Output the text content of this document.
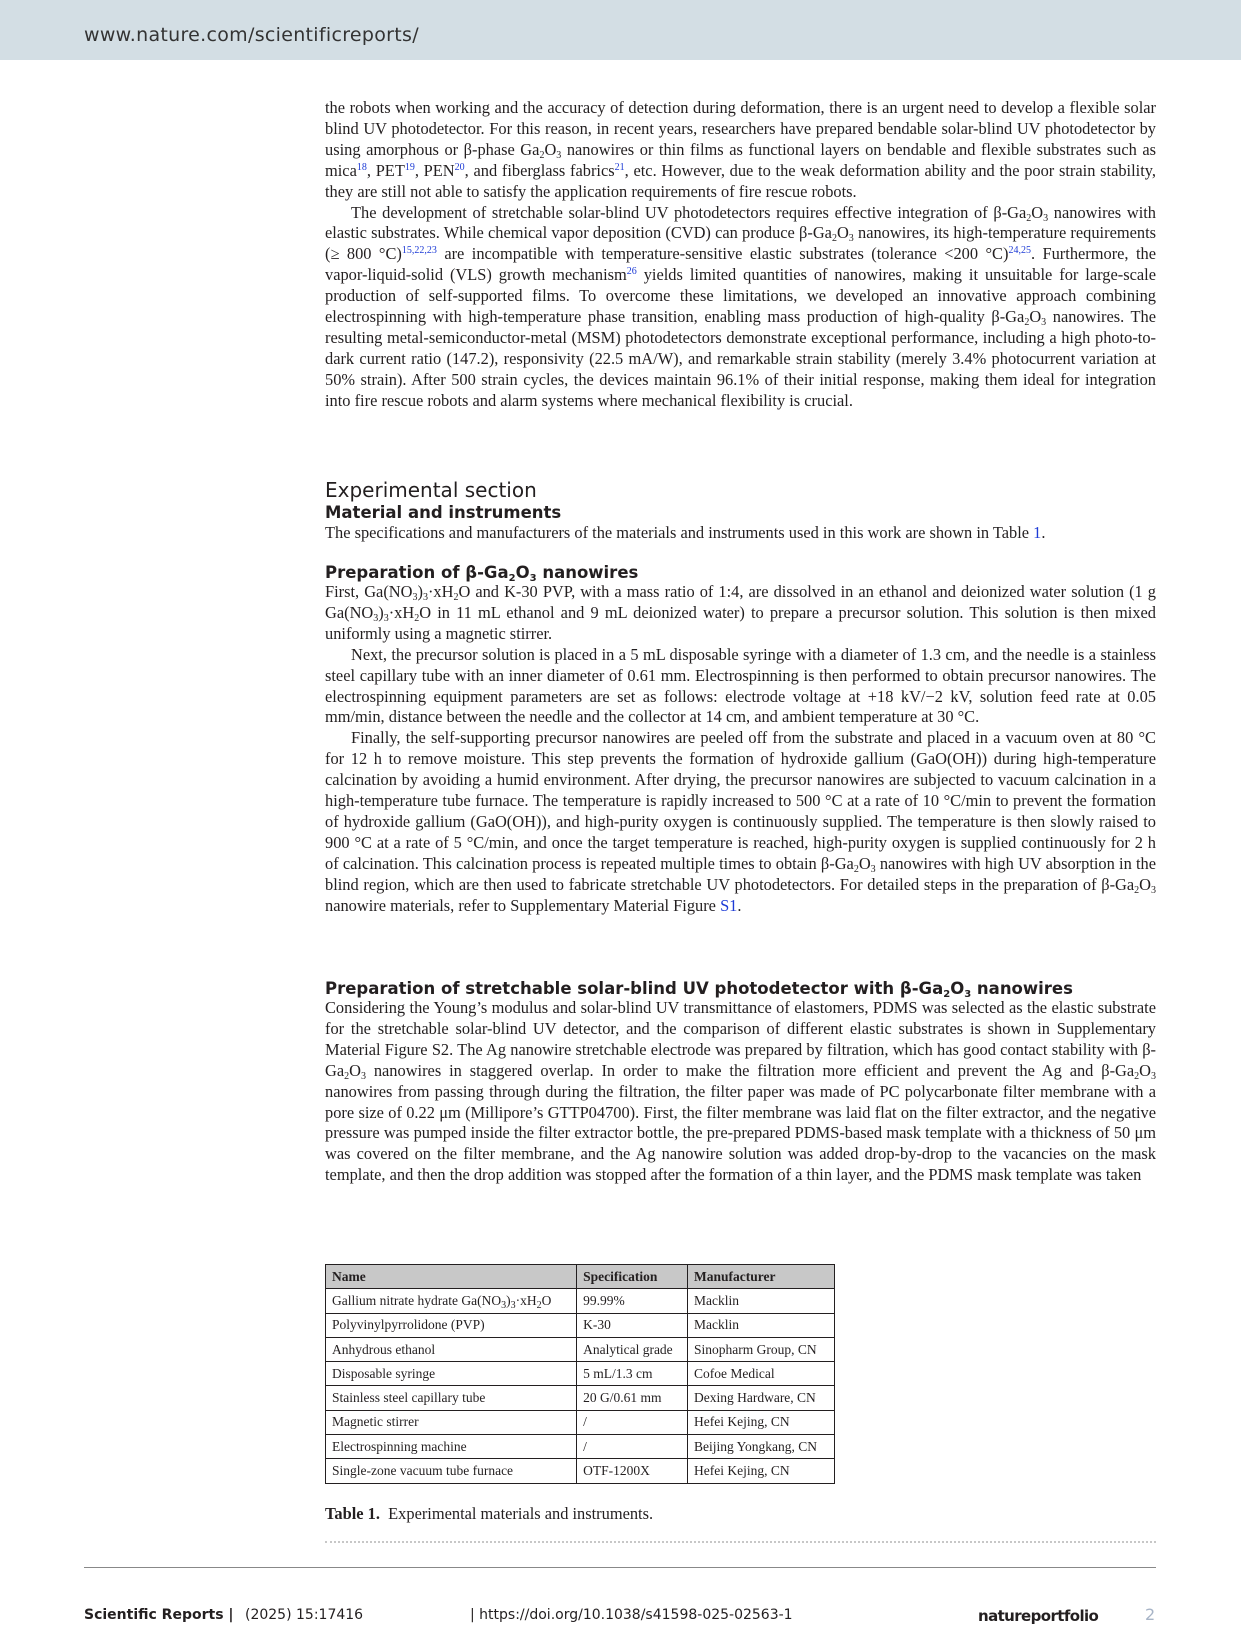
www.nature.com/scientificreports/

the robots when working and the accuracy of detection during deformation, there is an urgent need to develop a flexible solar blind UV photodetector. For this reason, in recent years, researchers have prepared bendable solar-blind UV photodetector by using amorphous or β-phase $Ga_2O_3$ nanowires or thin films as functional layers on bendable and flexible substrates such as mica$^{18}$, PET$^{19}$, PEN$^{20}$, and fiberglass fabrics$^{21}$, etc. However, due to the weak deformation ability and the poor strain stability, they are still not able to satisfy the application requirements of fire rescue robots.

The development of stretchable solar-blind UV photodetectors requires effective integration of $\beta-Ga_2O_3$ nanowires with elastic substrates. While chemical vapor deposition (CVD) can produce $\beta-Ga_2O_3$ nanowires, its high-temperature requirements (≥ 800 °C)$^{15,22,23}$ are incompatible with temperature-sensitive elastic substrates (tolerance <200 °C)$^{24,25}$. Furthermore, the vapor-liquid-solid (VLS) growth mechanism$^{26}$ yields limited quantities of nanowires, making it unsuitable for large-scale production of self-supported films. To overcome these limitations, we developed an innovative approach combining electrospinning with high-temperature phase transition, enabling mass production of high-quality $\beta-Ga_2O_3$ nanowires. The resulting metal-semiconductor-metal (MSM) photodetectors demonstrate exceptional performance, including a high photo-to-dark current ratio (147.2), responsivity (22.5 mA/W), and remarkable strain stability (merely 3.4% photocurrent variation at 50% strain). After 500 strain cycles, the devices maintain 96.1% of their initial response, making them ideal for integration into fire rescue robots and alarm systems where mechanical flexibility is crucial.

Experimental section
Material and instruments

The specifications and manufacturers of the materials and instruments used in this work are shown in Table 1.

Preparation of $\beta-Ga_2O_3$ nanowires

First, $Ga(NO_3)_3\cdot xH_2O$ and K-30 PVP, with a mass ratio of 1:4, are dissolved in an ethanol and deionized water solution (1 g $Ga(NO_3)_3\cdot xH_2O$ in 11 mL ethanol and 9 mL deionized water) to prepare a precursor solution. This solution is then mixed uniformly using a magnetic stirrer.

Next, the precursor solution is placed in a 5 mL disposable syringe with a diameter of 1.3 cm, and the needle is a stainless steel capillary tube with an inner diameter of 0.61 mm. Electrospinning is then performed to obtain precursor nanowires. The electrospinning equipment parameters are set as follows: electrode voltage at +18 kV/−2 kV, solution feed rate at 0.05 mm/min, distance between the needle and the collector at 14 cm, and ambient temperature at 30 °C.

Finally, the self-supporting precursor nanowires are peeled off from the substrate and placed in a vacuum oven at 80 °C for 12 h to remove moisture. This step prevents the formation of hydroxide gallium (GaO(OH)) during high-temperature calcination by avoiding a humid environment. After drying, the precursor nanowires are subjected to vacuum calcination in a high-temperature tube furnace. The temperature is rapidly increased to 500 °C at a rate of 10 °C/min to prevent the formation of hydroxide gallium (GaO(OH)), and high-purity oxygen is continuously supplied. The temperature is then slowly raised to 900 °C at a rate of 5 °C/min, and once the target temperature is reached, high-purity oxygen is supplied continuously for 2 h of calcination. This calcination process is repeated multiple times to obtain $\beta-Ga_2O_3$ nanowires with high UV absorption in the blind region, which are then used to fabricate stretchable UV photodetectors. For detailed steps in the preparation of $\beta-Ga_2O_3$ nanowire materials, refer to Supplementary Material Figure S1.

Preparation of stretchable solar-blind UV photodetector with $\beta-Ga_2O_3$ nanowires

Considering the Young’s modulus and solar-blind UV transmittance of elastomers, PDMS was selected as the elastic substrate for the stretchable solar-blind UV detector, and the comparison of different elastic substrates is shown in Supplementary Material Figure S2. The Ag nanowire stretchable electrode was prepared by filtration, which has good contact stability with $\beta-Ga_2O_3$ nanowires in staggered overlap. In order to make the filtration more efficient and prevent the Ag and $\beta-Ga_2O_3$ nanowires from passing through during the filtration, the filter paper was made of PC polycarbonate filter membrane with a pore size of 0.22 μm (Millipore’s GTTP04700). First, the filter membrane was laid flat on the filter extractor, and the negative pressure was pumped inside the filter extractor bottle, the pre-prepared PDMS-based mask template with a thickness of 50 μm was covered on the filter membrane, and the Ag nanowire solution was added drop-by-drop to the vacancies on the mask template, and then the drop addition was stopped after the formation of a thin layer, and the PDMS mask template was taken

Name	Specification	Manufacturer
Gallium nitrate hydrate $Ga(NO_3)_3\cdot xH_2O$	99.99%	Macklin
Polyvinylpyrrolidone (PVP)	K-30	Macklin
Anhydrous ethanol	Analytical grade	Sinopharm Group, CN
Disposable syringe	5 mL/1.3 cm	Cofoe Medical
Stainless steel capillary tube	20 G/0.61 mm	Dexing Hardware, CN
Magnetic stirrer	/	Hefei Kejing, CN
Electrospinning machine	/	Beijing Yongkang, CN
Single-zone vacuum tube furnace	OTF-1200X	Hefei Kejing, CN
Table 1. Experimental materials and instruments.
Scientific Reports | (2025) 15:17416	| https://doi.org/10.1038/s41598-025-02563-1	natureportfolio	2
